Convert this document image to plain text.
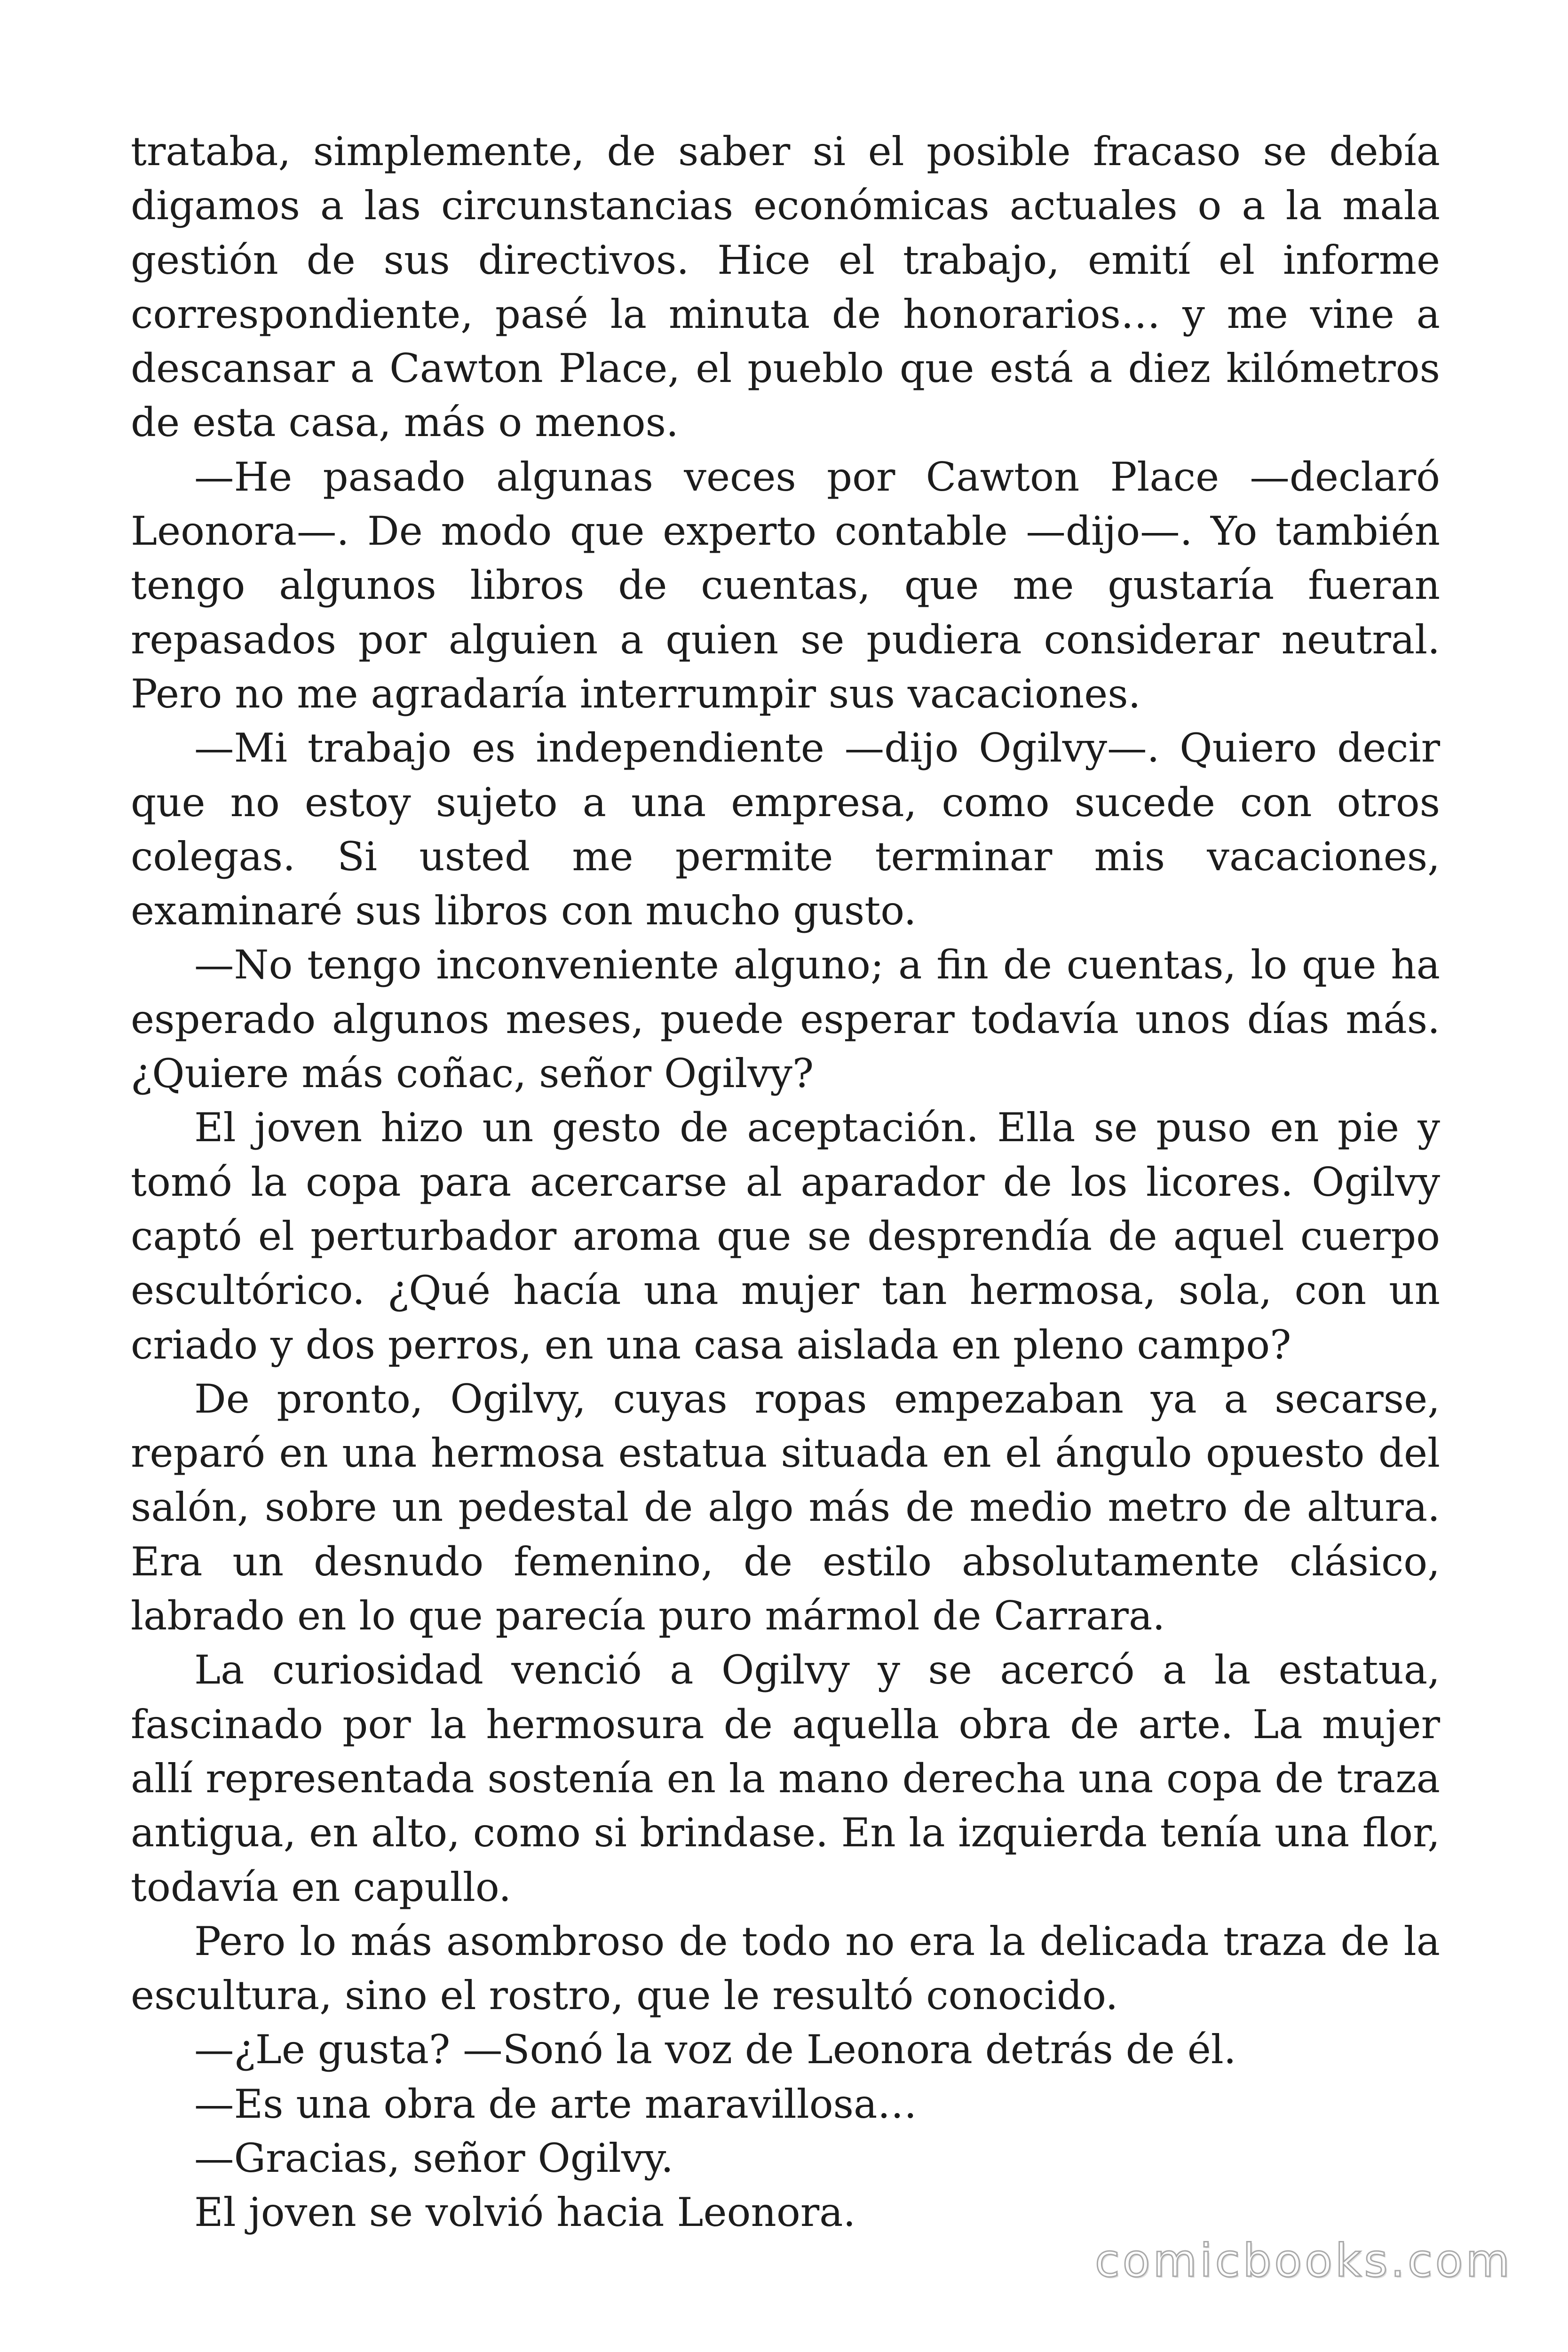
trataba, simplemente, de saber si el posible fracaso se debía digamos a las circunstancias económicas actuales o a la mala gestión de sus directivos. Hice el trabajo, emití el informe correspondiente, pasé la minuta de honorarios… y me vine a descansar a Cawton Place, el pueblo que está a diez kilómetros de esta casa, más o menos.

—He pasado algunas veces por Cawton Place —declaró Leonora—. De modo que experto contable —dijo—. Yo también tengo algunos libros de cuentas, que me gustaría fueran repasados por alguien a quien se pudiera considerar neutral. Pero no me agradaría interrumpir sus vacaciones.

—Mi trabajo es independiente —dijo Ogilvy—. Quiero decir que no estoy sujeto a una empresa, como sucede con otros colegas. Si usted me permite terminar mis vacaciones, examinaré sus libros con mucho gusto.

—No tengo inconveniente alguno; a fin de cuentas, lo que ha esperado algunos meses, puede esperar todavía unos días más. ¿Quiere más coñac, señor Ogilvy?

El joven hizo un gesto de aceptación. Ella se puso en pie y tomó la copa para acercarse al aparador de los licores. Ogilvy captó el perturbador aroma que se desprendía de aquel cuerpo escultórico. ¿Qué hacía una mujer tan hermosa, sola, con un criado y dos perros, en una casa aislada en pleno campo?

De pronto, Ogilvy, cuyas ropas empezaban ya a secarse, reparó en una hermosa estatua situada en el ángulo opuesto del salón, sobre un pedestal de algo más de medio metro de altura. Era un desnudo femenino, de estilo absolutamente clásico, labrado en lo que parecía puro mármol de Carrara.

La curiosidad venció a Ogilvy y se acercó a la estatua, fascinado por la hermosura de aquella obra de arte. La mujer allí representada sostenía en la mano derecha una copa de traza antigua, en alto, como si brindase. En la izquierda tenía una flor, todavía en capullo.

Pero lo más asombroso de todo no era la delicada traza de la escultura, sino el rostro, que le resultó conocido.

—¿Le gusta? —Sonó la voz de Leonora detrás de él.

—Es una obra de arte maravillosa…

—Gracias, señor Ogilvy.

El joven se volvió hacia Leonora.

comicbooks.com
